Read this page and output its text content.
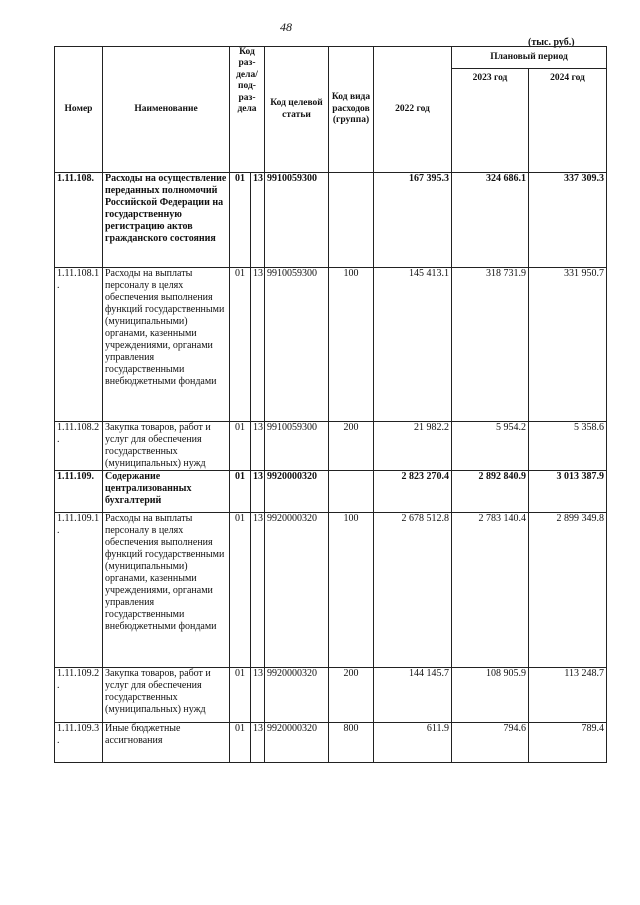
48
(тыс. руб.)
Номер	Наименование	Код раз-дела/ под-раз-дела		Код целевой статьи	Код вида расходов (группа)	2022 год	Плановый период	
							2023 год	2024 год
1.11.108.	Расходы на осуществление переданных полномочий Российской Федерации на государственную регистрацию актов гражданского состояния	01	13	9910059300		167 395.3	324 686.1	337 309.3
1.11.108.1.	Расходы на выплаты персоналу в целях обеспечения выполнения функций государственными (муниципальными) органами, казенными учреждениями, органами управления государственными внебюджетными фондами	01	13	9910059300	100	145 413.1	318 731.9	331 950.7
1.11.108.2.	Закупка товаров, работ и услуг для обеспечения государственных (муниципальных) нужд	01	13	9910059300	200	21 982.2	5 954.2	5 358.6
1.11.109.	Содержание централизованных бухгалтерий	01	13	9920000320		2 823 270.4	2 892 840.9	3 013 387.9
1.11.109.1.	Расходы на выплаты персоналу в целях обеспечения выполнения функций государственными (муниципальными) органами, казенными учреждениями, органами управления государственными внебюджетными фондами	01	13	9920000320	100	2 678 512.8	2 783 140.4	2 899 349.8
1.11.109.2.	Закупка товаров, работ и услуг для обеспечения государственных (муниципальных) нужд	01	13	9920000320	200	144 145.7	108 905.9	113 248.7
1.11.109.3.	Иные бюджетные ассигнования	01	13	9920000320	800	611.9	794.6	789.4
